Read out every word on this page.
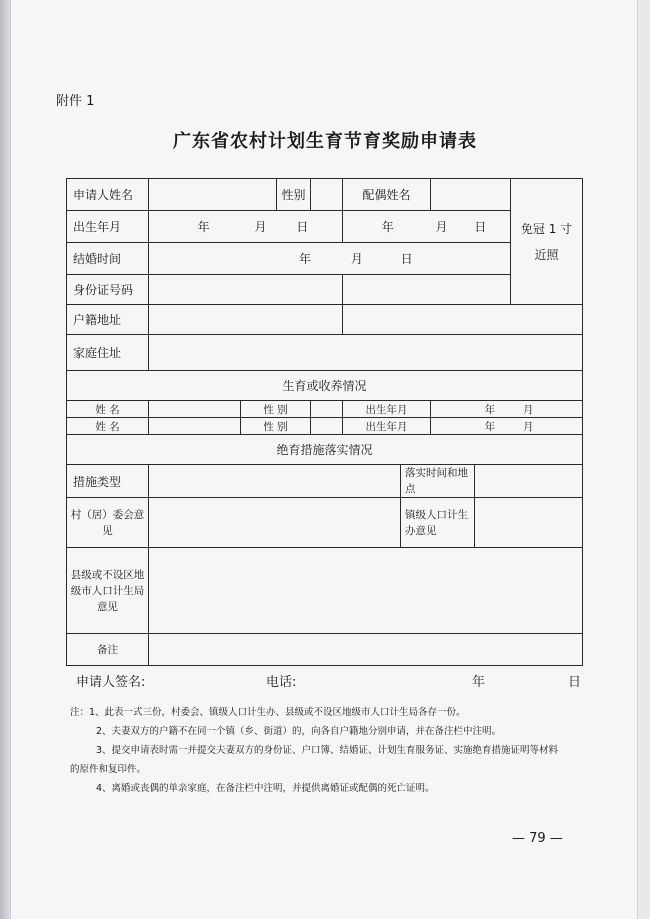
附件 1
广东省农村计划生育节育奖励申请表
申请人姓名			性别		配偶姓名				免冠 1 寸
近照

出生年月	年 月 日				年 月 日				
结婚时间	年 月 日								
身份证号码									
户籍地址									
家庭住址									
生育或收养情况									
姓 名		性 别			出生年月		年 月		
姓 名		性 别			出生年月		年 月		
绝育措施落实情况									
措施类型						落实时间和地点			
村（居）委会意见						镇级人口计生办意见			
县级或不设区地级市人口计生局意见									
备注									
申请人签名:	电话:	年	日
注：1、此表一式三份，村委会、镇级人口计生办、县级或不设区地级市人口计生局各存一份。
2、夫妻双方的户籍不在同一个镇（乡、街道）的，向各自户籍地分别申请，并在备注栏中注明。
3、提交申请表时需一并提交夫妻双方的身份证、户口簿、结婚证、计划生育服务证、实施绝育措施证明等材料
的原件和复印件。
4、离婚或丧偶的单亲家庭，在备注栏中注明，并提供离婚证或配偶的死亡证明。
— 79 —
